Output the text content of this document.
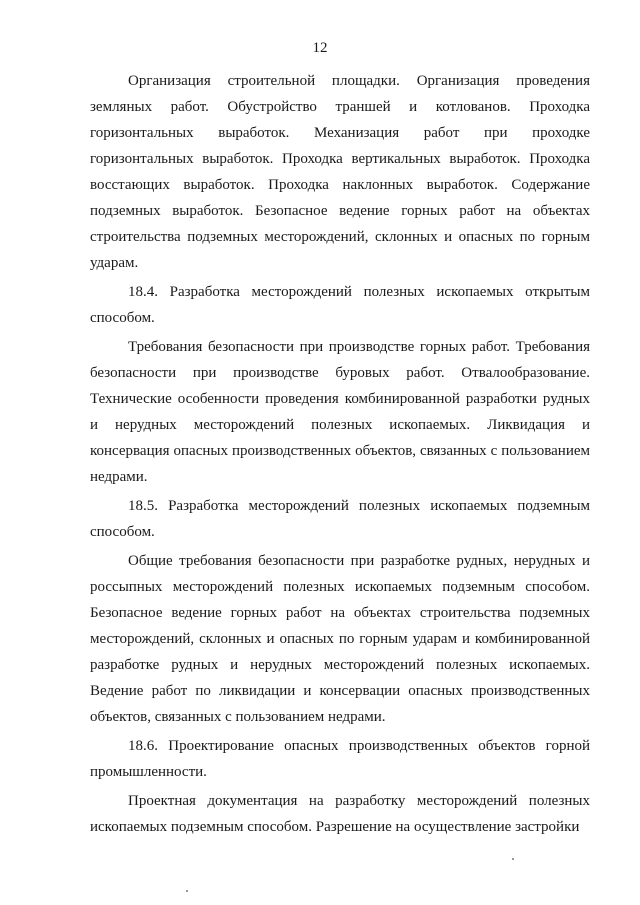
12

Организация строительной площадки. Организация проведения земляных работ. Обустройство траншей и котлованов. Проходка горизонтальных выработок. Механизация работ при проходке горизонтальных выработок. Проходка вертикальных выработок. Проходка восстающих выработок. Проходка наклонных выработок. Содержание подземных выработок. Безопасное ведение горных работ на объектах строительства подземных месторождений, склонных и опасных по горным ударам.

18.4. Разработка месторождений полезных ископаемых открытым способом.

Требования безопасности при производстве горных работ. Требования безопасности при производстве буровых работ. Отвалообразование. Технические особенности проведения комбинированной разработки рудных и нерудных месторождений полезных ископаемых. Ликвидация и консервация опасных производственных объектов, связанных с пользованием недрами.

18.5. Разработка месторождений полезных ископаемых подземным способом.

Общие требования безопасности при разработке рудных, нерудных и россыпных месторождений полезных ископаемых подземным способом. Безопасное ведение горных работ на объектах строительства подземных месторождений, склонных и опасных по горным ударам и комбинированной разработке рудных и нерудных месторождений полезных ископаемых. Ведение работ по ликвидации и консервации опасных производственных объектов, связанных с пользованием недрами.

18.6. Проектирование опасных производственных объектов горной промышленности.

Проектная документация на разработку месторождений полезных ископаемых подземным способом. Разрешение на осуществление застройки
